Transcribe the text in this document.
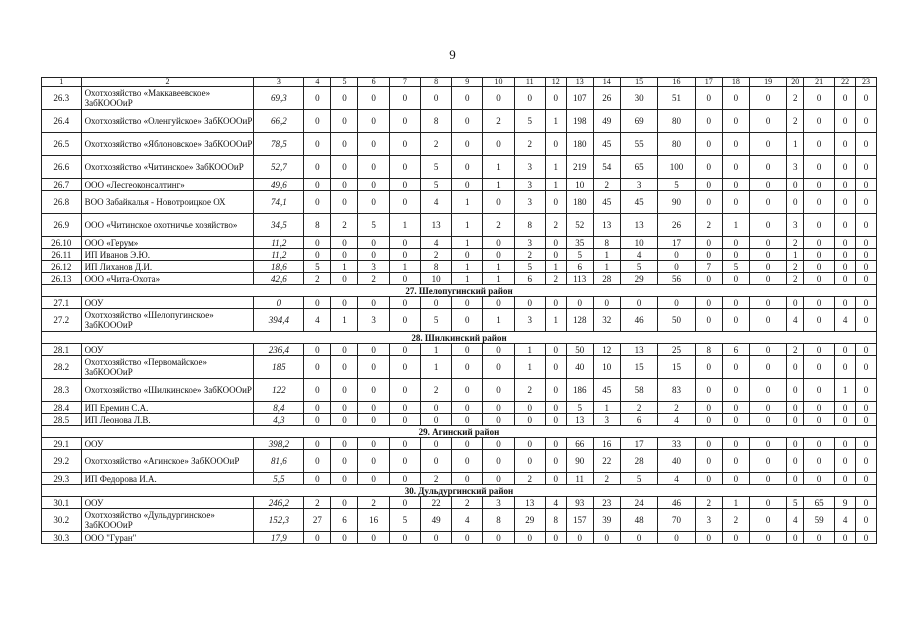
9
1	2	3	4	5	6	7	8	9	10	11	12	13	14	15	16	17	18	19	20	21	22	23
26.3	Охотхозяйство «Маккавеевское» ЗабКОООиР	69,3	0	0	0	0	0	0	0	0	0	107	26	30	51	0	0	0	2	0	0	0
26.4	Охотхозяйство «Оленгуйское» ЗабКОООиР	66,2	0	0	0	0	8	0	2	5	1	198	49	69	80	0	0	0	2	0	0	0
26.5	Охотхозяйство «Яблоновское» ЗабКОООиР	78,5	0	0	0	0	2	0	0	2	0	180	45	55	80	0	0	0	1	0	0	0
26.6	Охотхозяйство «Читинское» ЗабКОООиР	52,7	0	0	0	0	5	0	1	3	1	219	54	65	100	0	0	0	3	0	0	0
26.7	ООО «Лесгеоконсалтинг»	49,6	0	0	0	0	5	0	1	3	1	10	2	3	5	0	0	0	0	0	0	0
26.8	ВОО Забайкалья - Новотроицкое ОХ	74,1	0	0	0	0	4	1	0	3	0	180	45	45	90	0	0	0	0	0	0	0
26.9	ООО «Читинское охотничье хозяйство»	34,5	8	2	5	1	13	1	2	8	2	52	13	13	26	2	1	0	3	0	0	0
26.10	ООО «Герум»	11,2	0	0	0	0	4	1	0	3	0	35	8	10	17	0	0	0	2	0	0	0
26.11	ИП Иванов Э.Ю.	11,2	0	0	0	0	2	0	0	2	0	5	1	4	0	0	0	0	1	0	0	0
26.12	ИП Лиханов Д.И.	18,6	5	1	3	1	8	1	1	5	1	6	1	5	0	7	5	0	2	0	0	0
26.13	ООО «Чита-Охота»	42,6	2	0	2	0	10	1	1	6	2	113	28	29	56	0	0	0	2	0	0	0
27. Шелопугинский район																						
27.1	ООУ	0	0	0	0	0	0	0	0	0	0	0	0	0	0	0	0	0	0	0	0	0
27.2	Охотхозяйство «Шелопугинское» ЗабКОООиР	394,4	4	1	3	0	5	0	1	3	1	128	32	46	50	0	0	0	4	0	4	0
28. Шилкинский район																						
28.1	ООУ	236,4	0	0	0	0	1	0	0	1	0	50	12	13	25	8	6	0	2	0	0	0
28.2	Охотхозяйство «Первомайское» ЗабКОООиР	185	0	0	0	0	1	0	0	1	0	40	10	15	15	0	0	0	0	0	0	0
28.3	Охотхозяйство «Шилкинское» ЗабКОООиР	122	0	0	0	0	2	0	0	2	0	186	45	58	83	0	0	0	0	0	1	0
28.4	ИП Еремин С.А.	8,4	0	0	0	0	0	0	0	0	0	5	1	2	2	0	0	0	0	0	0	0
28.5	ИП Леонова Л.В.	4,3	0	0	0	0	0	0	0	0	0	13	3	6	4	0	0	0	0	0	0	0
29. Агинский район																						
29.1	ООУ	398,2	0	0	0	0	0	0	0	0	0	66	16	17	33	0	0	0	0	0	0	0
29.2	Охотхозяйство «Агинское» ЗабКОООиР	81,6	0	0	0	0	0	0	0	0	0	90	22	28	40	0	0	0	0	0	0	0
29.3	ИП Федорова И.А.	5,5	0	0	0	0	2	0	0	2	0	11	2	5	4	0	0	0	0	0	0	0
30. Дульдургинский район																						
30.1	ООУ	246,2	2	0	2	0	22	2	3	13	4	93	23	24	46	2	1	0	5	65	9	0
30.2	Охотхозяйство «Дульдургинское» ЗабКОООиР	152,3	27	6	16	5	49	4	8	29	8	157	39	48	70	3	2	0	4	59	4	0
30.3	ООО "Гуран"	17,9	0	0	0	0	0	0	0	0	0	0	0	0	0	0	0	0	0	0	0	0
